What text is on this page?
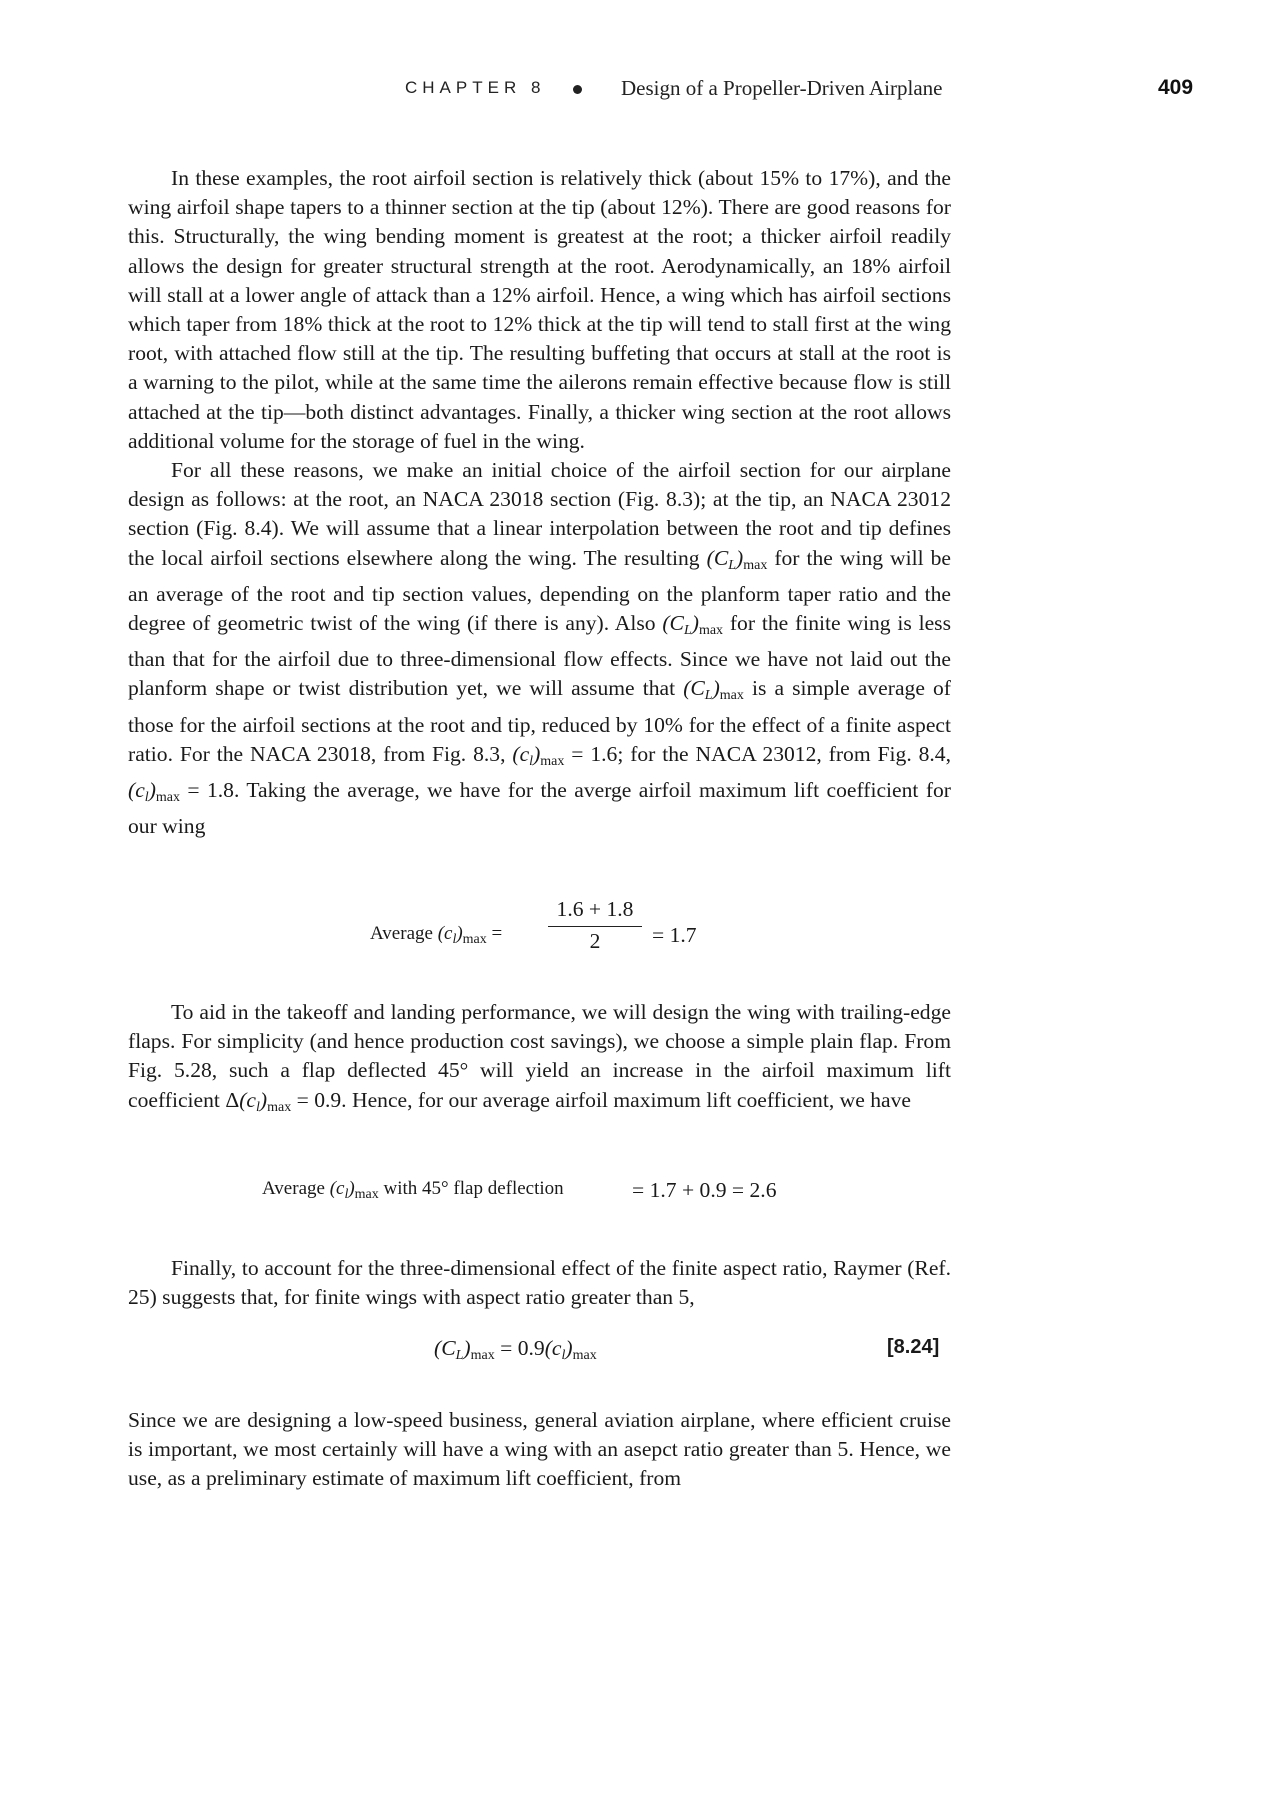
CHAPTER 8	Design of a Propeller-Driven Airplane	409

In these examples, the root airfoil section is relatively thick (about 15% to 17%), and the wing airfoil shape tapers to a thinner section at the tip (about 12%). There are good reasons for this. Structurally, the wing bending moment is greatest at the root; a thicker airfoil readily allows the design for greater structural strength at the root. Aerodynamically, an 18% airfoil will stall at a lower angle of attack than a 12% airfoil. Hence, a wing which has airfoil sections which taper from 18% thick at the root to 12% thick at the tip will tend to stall first at the wing root, with attached flow still at the tip. The resulting buffeting that occurs at stall at the root is a warning to the pilot, while at the same time the ailerons remain effective because flow is still attached at the tip—both distinct advantages. Finally, a thicker wing section at the root allows additional volume for the storage of fuel in the wing.

For all these reasons, we make an initial choice of the airfoil section for our airplane design as follows: at the root, an NACA 23018 section (Fig. 8.3); at the tip, an NACA 23012 section (Fig. 8.4). We will assume that a linear interpolation between the root and tip defines the local airfoil sections elsewhere along the wing. The resulting $(C_L)_{max}$ for the wing will be an average of the root and tip section values, depending on the planform taper ratio and the degree of geometric twist of the wing (if there is any). Also $(C_L)_{max}$ for the finite wing is less than that for the airfoil due to three-dimensional flow effects. Since we have not laid out the planform shape or twist distribution yet, we will assume that $(C_L)_{max}$ is a simple average of those for the airfoil sections at the root and tip, reduced by 10% for the effect of a finite aspect ratio. For the NACA 23018, from Fig. 8.3, $(c_l)_{max} = 1.6$; for the NACA 23012, from Fig. 8.4, $(c_l)_{max} = 1.8$. Taking the average, we have for the averge airfoil maximum lift coefficient for our wing

Average $(c_l)_{max} = \frac{1.6 + 1.8}{2} = 1.7$

To aid in the takeoff and landing performance, we will design the wing with trailing-edge flaps. For simplicity (and hence production cost savings), we choose a simple plain flap. From Fig. 5.28, such a flap deflected 45° will yield an increase in the airfoil maximum lift coefficient $\Delta(c_l)_{max} = 0.9$. Hence, for our average airfoil maximum lift coefficient, we have

Average $(c_l)_{max}$ with 45° flap deflection	= 1.7 + 0.9 = 2.6

Finally, to account for the three-dimensional effect of the finite aspect ratio, Raymer (Ref. 25) suggests that, for finite wings with aspect ratio greater than 5,

$(C_L)_{max} = 0.9(c_l)_{max}$	[8.24]

Since we are designing a low-speed business, general aviation airplane, where efficient cruise is important, we most certainly will have a wing with an asepct ratio greater than 5. Hence, we use, as a preliminary estimate of maximum lift coefficient, from
